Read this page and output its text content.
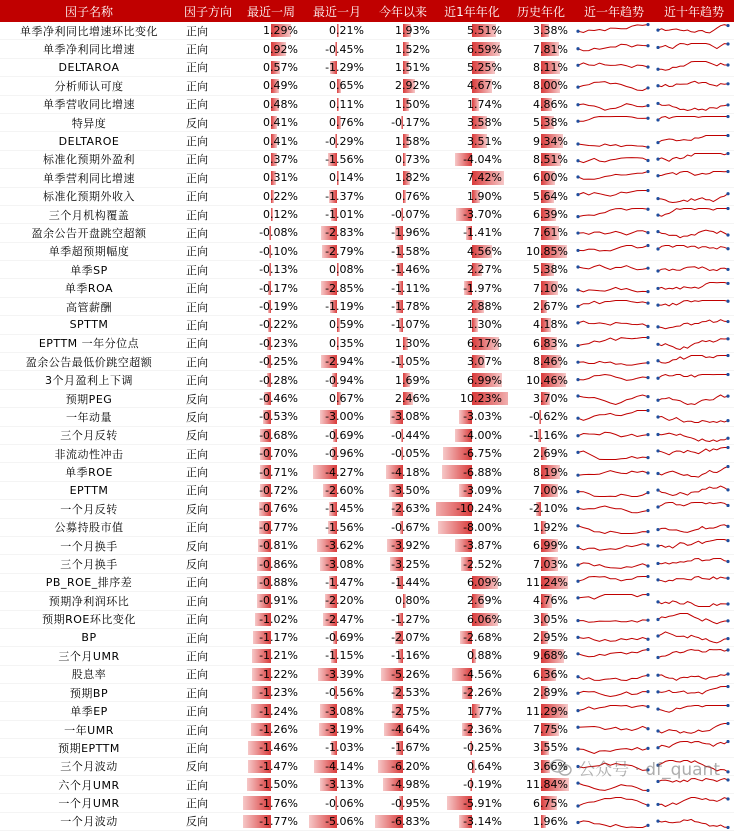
因子名称	因子方向	最近一周	最近一月	今年以来	近1年年化	历史年化	近一年趋势	近十年趋势
单季净利同比增速环比变化	正向	1.29%	0.21%	1.93%	5.51%	3.38%	

单季净利同比增速	正向	0.92%	-0.45%	1.52%	6.59%	7.81%	

DELTAROA	正向	0.57%	-1.29%	1.51%	5.25%	8.11%	

分析师认可度	正向	0.49%	0.65%	2.92%	4.67%	8.00%	

单季营收同比增速	正向	0.48%	0.11%	1.50%	1.74%	4.86%	

特异度	反向	0.41%	0.76%	-0.17%	3.58%	5.38%	

DELTAROE	正向	0.41%	-0.29%	1.58%	3.51%	9.34%	

标准化预期外盈利	正向	0.37%	-1.56%	0.73%	-4.04%	8.51%	

单季营利同比增速	正向	0.31%	0.14%	1.82%	7.42%	6.00%	

标准化预期外收入	正向	0.22%	-1.37%	0.76%	1.90%	5.64%	

三个月机构覆盖	正向	0.12%	-1.01%	-0.07%	-3.70%	6.39%	

盈余公告开盘跳空超额	正向	-0.08%	-2.83%	-1.96%	-1.41%	7.61%	

单季超预期幅度	正向	-0.10%	-2.79%	-1.58%	4.56%	10.85%	

单季SP	正向	-0.13%	0.08%	-1.46%	2.27%	5.38%	

单季ROA	正向	-0.17%	-2.85%	-1.11%	-1.97%	7.10%	

高管薪酬	正向	-0.19%	-1.19%	-1.78%	2.88%	2.67%	

SPTTM	正向	-0.22%	0.59%	-1.07%	1.30%	4.18%	

EPTTM 一年分位点	正向	-0.23%	0.35%	1.30%	6.17%	6.83%	

盈余公告最低价跳空超额	正向	-0.25%	-2.94%	-1.05%	3.07%	8.46%	

3个月盈利上下调	正向	-0.28%	-0.94%	1.69%	6.99%	10.46%	

预期PEG	反向	-0.46%	0.67%	2.46%	10.23%	3.70%	

一年动量	反向	-0.53%	-3.00%	-3.08%	-3.03%	-0.62%	

三个月反转	反向	-0.68%	-0.69%	-0.44%	-4.00%	-1.16%	

非流动性冲击	正向	-0.70%	-0.96%	-0.05%	-6.75%	2.69%	

单季ROE	正向	-0.71%	-4.27%	-4.18%	-6.88%	8.19%	

EPTTM	正向	-0.72%	-2.60%	-3.50%	-3.09%	7.00%	

一个月反转	反向	-0.76%	-1.45%	-2.63%	-10.24%	-2.10%	

公募持股市值	正向	-0.77%	-1.56%	-0.67%	-8.00%	1.92%	

一个月换手	反向	-0.81%	-3.62%	-3.92%	-3.87%	6.99%	

三个月换手	反向	-0.86%	-3.08%	-3.25%	-2.52%	7.03%	

PB_ROE_排序差	正向	-0.88%	-1.47%	-1.44%	6.09%	11.24%	

预期净利润环比	正向	-0.91%	-2.20%	0.80%	2.69%	4.76%	

预期ROE环比变化	正向	-1.02%	-2.47%	-1.27%	6.06%	3.05%	

BP	正向	-1.17%	-0.69%	-2.07%	-2.68%	2.95%	

三个月UMR	正向	-1.21%	-1.15%	-1.16%	0.88%	9.68%	

股息率	正向	-1.22%	-3.39%	-5.26%	-4.56%	6.36%	

预期BP	正向	-1.23%	-0.56%	-2.53%	-2.26%	2.89%	

单季EP	正向	-1.24%	-3.08%	-2.75%	1.77%	11.29%	

一年UMR	正向	-1.26%	-3.19%	-4.64%	-2.36%	7.75%	

预期EPTTM	正向	-1.46%	-1.03%	-1.67%	-0.25%	3.55%	

三个月波动	反向	-1.47%	-4.14%	-6.20%	0.64%	3.66%	

六个月UMR	正向	-1.50%	-3.13%	-4.98%	-0.19%	11.84%	

一个月UMR	正向	-1.76%	-0.06%	-0.95%	-5.91%	6.75%	

一个月波动	反向	-1.77%	-5.06%	-6.83%	-3.14%	1.96%	

公众号 · df_quant
